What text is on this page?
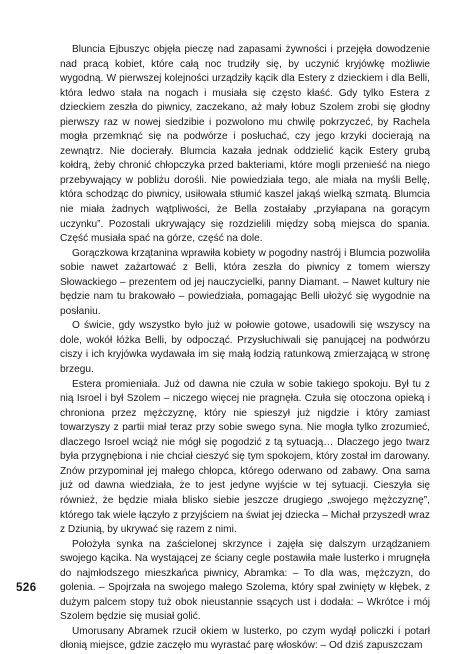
526

Bluncia Ejbuszyc objęła pieczę nad zapasami żywności i przejęła dowodzenie nad pracą kobiet, które całą noc trudziły się, by uczynić kryjówkę możliwie wygodną. W pierwszej kolejności urządziły kącik dla Estery z dzieckiem i dla Belli, która ledwo stała na nogach i musiała się często kłaść. Gdy tylko Estera z dzieckiem zeszła do piwnicy, zaczekano, aż mały łobuz Szolem zrobi się głodny pierwszy raz w nowej siedzibie i pozwolono mu chwilę pokrzyczeć, by Rachela mogła przemknąć się na podwórze i posłuchać, czy jego krzyki docierają na zewnątrz. Nie docierały. Blumcia kazała jednak oddzielić kącik Estery grubą kołdrą, żeby chronić chłopczyka przed bakteriami, które mogli przenieść na niego przebywający w pobliżu dorośli. Nie powiedziała tego, ale miała na myśli Bellę, która schodząc do piwnicy, usiłowała stłumić kaszel jakąś wielką szmatą. Blumcia nie miała żadnych wątpliwości, że Bella zostałaby „przyłapana na gorącym uczynku”. Pozostali ukrywający się rozdzielili między sobą miejsca do spania. Część musiała spać na górze, część na dole.

Gorączkowa krzątanina wprawiła kobiety w pogodny nastrój i Blumcia pozwoliła sobie nawet zażartować z Belli, która zeszła do piwnicy z tomem wierszy Słowackiego – prezentem od jej nauczycielki, panny Diamant. – Nawet kultury nie będzie nam tu brakowało – powiedziała, pomagając Belli ułożyć się wygodnie na posłaniu.

O świcie, gdy wszystko było już w połowie gotowe, usadowili się wszyscy na dole, wokół łóżka Belli, by odpocząć. Przysłuchiwali się panującej na podwórzu ciszy i ich kryjówka wydawała im się małą łodzią ratunkową zmierzającą w stronę brzegu.

Estera promieniała. Już od dawna nie czuła w sobie takiego spokoju. Był tu z nią Isroel i był Szolem – niczego więcej nie pragnęła. Czuła się otoczona opieką i chroniona przez mężczyznę, który nie spieszył już nigdzie i który zamiast towarzyszy z partii miał teraz przy sobie swego syna. Nie mogła tylko zrozumieć, dlaczego Isroel wciąż nie mógł się pogodzić z tą sytuacją… Dlaczego jego twarz była przygnębiona i nie chciał cieszyć się tym spokojem, który został im darowany. Znów przypominał jej małego chłopca, którego oderwano od zabawy. Ona sama już od dawna wiedziała, że to jest jedyne wyjście w tej sytuacji. Cieszyła się również, że będzie miała blisko siebie jeszcze drugiego „swojego mężczyznę”, którego tak wiele łączyło z przyjściem na świat jej dziecka – Michał przyszedł wraz z Dziunią, by ukrywać się razem z nimi.

Położyła synka na zaścielonej skrzynce i zajęła się dalszym urządzaniem swojego kącika. Na wystającej ze ściany cegle postawiła małe lusterko i mrugnęła do najmłodszego mieszkańca piwnicy, Abramka: – To dla was, mężczyzn, do golenia. – Spojrzała na swojego małego Szolema, który spał zwinięty w kłębek, z dużym palcem stopy tuż obok nieustannie ssących ust i dodała: – Wkrótce i mój Szolem będzie się musiał golić.

Umorusany Abramek rzucił okiem w lusterko, po czym wydął policzki i potarł dłonią miejsce, gdzie zaczęło mu wyrastać parę włosków: – Od dziś zapuszczam
